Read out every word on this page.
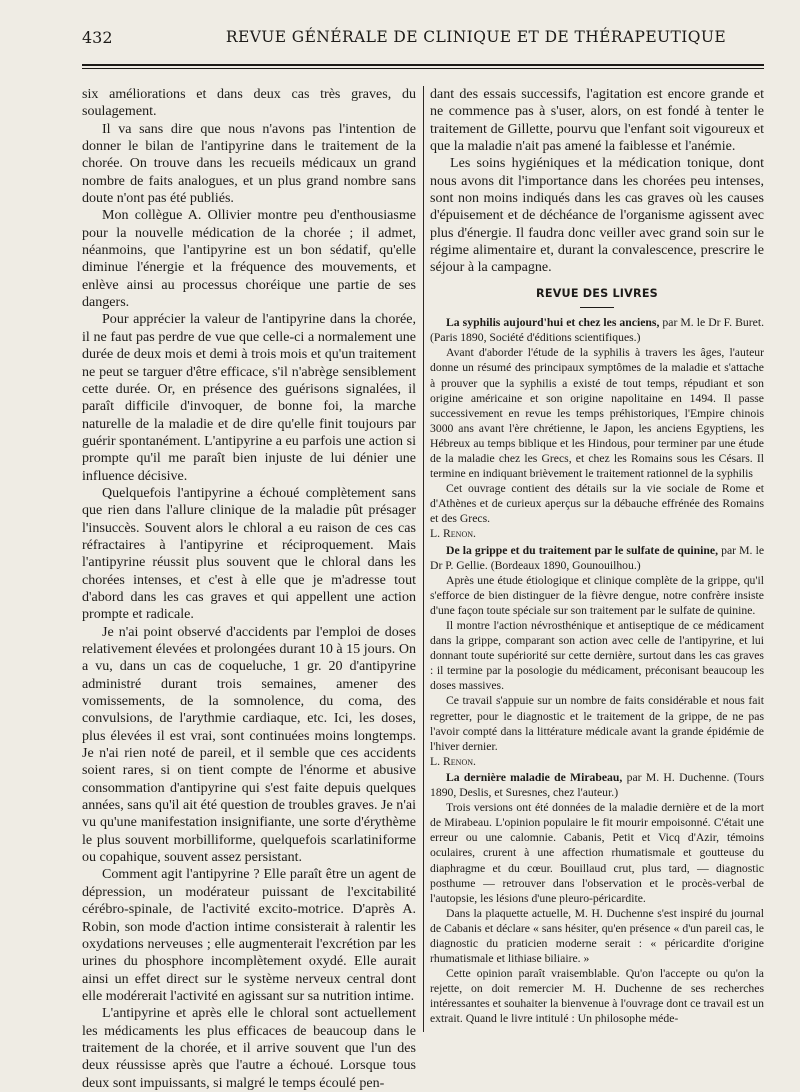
432	REVUE GÉNÉRALE DE CLINIQUE ET DE THÉRAPEUTIQUE

six améliorations et dans deux cas très graves, du soulagement.

Il va sans dire que nous n'avons pas l'intention de donner le bilan de l'antipyrine dans le traitement de la chorée. On trouve dans les recueils médicaux un grand nombre de faits analogues, et un plus grand nombre sans doute n'ont pas été publiés.

Mon collègue A. Ollivier montre peu d'enthousiasme pour la nouvelle médication de la chorée ; il admet, néanmoins, que l'antipyrine est un bon sédatif, qu'elle diminue l'énergie et la fréquence des mouvements, et enlève ainsi au processus choréique une partie de ses dangers.

Pour apprécier la valeur de l'antipyrine dans la chorée, il ne faut pas perdre de vue que celle-ci a normalement une durée de deux mois et demi à trois mois et qu'un traitement ne peut se targuer d'être efficace, s'il n'abrège sensiblement cette durée. Or, en présence des guérisons signalées, il paraît difficile d'invoquer, de bonne foi, la marche naturelle de la maladie et de dire qu'elle finit toujours par guérir spontanément. L'antipyrine a eu parfois une action si prompte qu'il me paraît bien injuste de lui dénier une influence décisive.

Quelquefois l'antipyrine a échoué complètement sans que rien dans l'allure clinique de la maladie pût présager l'insuccès. Souvent alors le chloral a eu raison de ces cas réfractaires à l'antipyrine et réciproquement. Mais l'antipyrine réussit plus souvent que le chloral dans les chorées intenses, et c'est à elle que je m'adresse tout d'abord dans les cas graves et qui appellent une action prompte et radicale.

Je n'ai point observé d'accidents par l'emploi de doses relativement élevées et prolongées durant 10 à 15 jours. On a vu, dans un cas de coqueluche, 1 gr. 20 d'antipyrine administré durant trois semaines, amener des vomissements, de la somnolence, du coma, des convulsions, de l'arythmie cardiaque, etc. Ici, les doses, plus élevées il est vrai, sont continuées moins longtemps. Je n'ai rien noté de pareil, et il semble que ces accidents soient rares, si on tient compte de l'énorme et abusive consommation d'antipyrine qui s'est faite depuis quelques années, sans qu'il ait été question de troubles graves. Je n'ai vu qu'une manifestation insignifiante, une sorte d'érythème le plus souvent morbilliforme, quelquefois scarlatiniforme ou copahique, souvent assez persistant.

Comment agit l'antipyrine ? Elle paraît être un agent de dépression, un modérateur puissant de l'excitabilité cérébro-spinale, de l'activité excito-motrice. D'après A. Robin, son mode d'action intime consisterait à ralentir les oxydations nerveuses ; elle augmenterait l'excrétion par les urines du phosphore incomplètement oxydé. Elle aurait ainsi un effet direct sur le système nerveux central dont elle modérerait l'activité en agissant sur sa nutrition intime.

L'antipyrine et après elle le chloral sont actuellement les médicaments les plus efficaces de beaucoup dans le traitement de la chorée, et il arrive souvent que l'un des deux réussisse après que l'autre a échoué. Lorsque tous deux sont impuissants, si malgré le temps écoulé pen-

dant des essais successifs, l'agitation est encore grande et ne commence pas à s'user, alors, on est fondé à tenter le traitement de Gillette, pourvu que l'enfant soit vigoureux et que la maladie n'ait pas amené la faiblesse et l'anémie.

Les soins hygiéniques et la médication tonique, dont nous avons dit l'importance dans les chorées peu intenses, sont non moins indiqués dans les cas graves où les causes d'épuisement et de déchéance de l'organisme agissent avec plus d'énergie. Il faudra donc veiller avec grand soin sur le régime alimentaire et, durant la convalescence, prescrire le séjour à la campagne.

REVUE DES LIVRES

La syphilis aujourd'hui et chez les anciens, par M. le Dr F. Buret. (Paris 1890, Société d'éditions scientifiques.)

Avant d'aborder l'étude de la syphilis à travers les âges, l'auteur donne un résumé des principaux symptômes de la maladie et s'attache à prouver que la syphilis a existé de tout temps, répudiant et son origine américaine et son origine napolitaine en 1494. Il passe successivement en revue les temps préhistoriques, l'Empire chinois 3000 ans avant l'ère chrétienne, le Japon, les anciens Egyptiens, les Hébreux au temps biblique et les Hindous, pour terminer par une étude de la maladie chez les Grecs, et chez les Romains sous les Césars. Il termine en indiquant brièvement le traitement rationnel de la syphilis

Cet ouvrage contient des détails sur la vie sociale de Rome et d'Athènes et de curieux aperçus sur la débauche effrénée des Romains et des Grecs.

L. Renon.

De la grippe et du traitement par le sulfate de quinine, par M. le Dr P. Gellie. (Bordeaux 1890, Gounouilhou.)

Après une étude étiologique et clinique complète de la grippe, qu'il s'efforce de bien distinguer de la fièvre dengue, notre confrère insiste d'une façon toute spéciale sur son traitement par le sulfate de quinine.

Il montre l'action névrosthénique et antiseptique de ce médicament dans la grippe, comparant son action avec celle de l'antipyrine, et lui donnant toute supériorité sur cette dernière, surtout dans les cas graves : il termine par la posologie du médicament, préconisant beaucoup les doses massives.

Ce travail s'appuie sur un nombre de faits considérable et nous fait regretter, pour le diagnostic et le traitement de la grippe, de ne pas l'avoir compté dans la littérature médicale avant la grande épidémie de l'hiver dernier.

L. Renon.

La dernière maladie de Mirabeau, par M. H. Duchenne. (Tours 1890, Deslis, et Suresnes, chez l'auteur.)

Trois versions ont été données de la maladie dernière et de la mort de Mirabeau. L'opinion populaire le fit mourir empoisonné. C'était une erreur ou une calomnie. Cabanis, Petit et Vicq d'Azir, témoins oculaires, crurent à une affection rhumatismale et goutteuse du diaphragme et du cœur. Bouillaud crut, plus tard, — diagnostic posthume — retrouver dans l'observation et le procès-verbal de l'autopsie, les lésions d'une pleuro-péricardite.

Dans la plaquette actuelle, M. H. Duchenne s'est inspiré du journal de Cabanis et déclare « sans hésiter, qu'en présence « d'un pareil cas, le diagnostic du praticien moderne serait : « péricardite d'origine rhumatismale et lithiase biliaire. »

Cette opinion paraît vraisemblable. Qu'on l'accepte ou qu'on la rejette, on doit remercier M. H. Duchenne de ses recherches intéressantes et souhaiter la bienvenue à l'ouvrage dont ce travail est un extrait. Quand le livre intitulé : Un philosophe méde-
